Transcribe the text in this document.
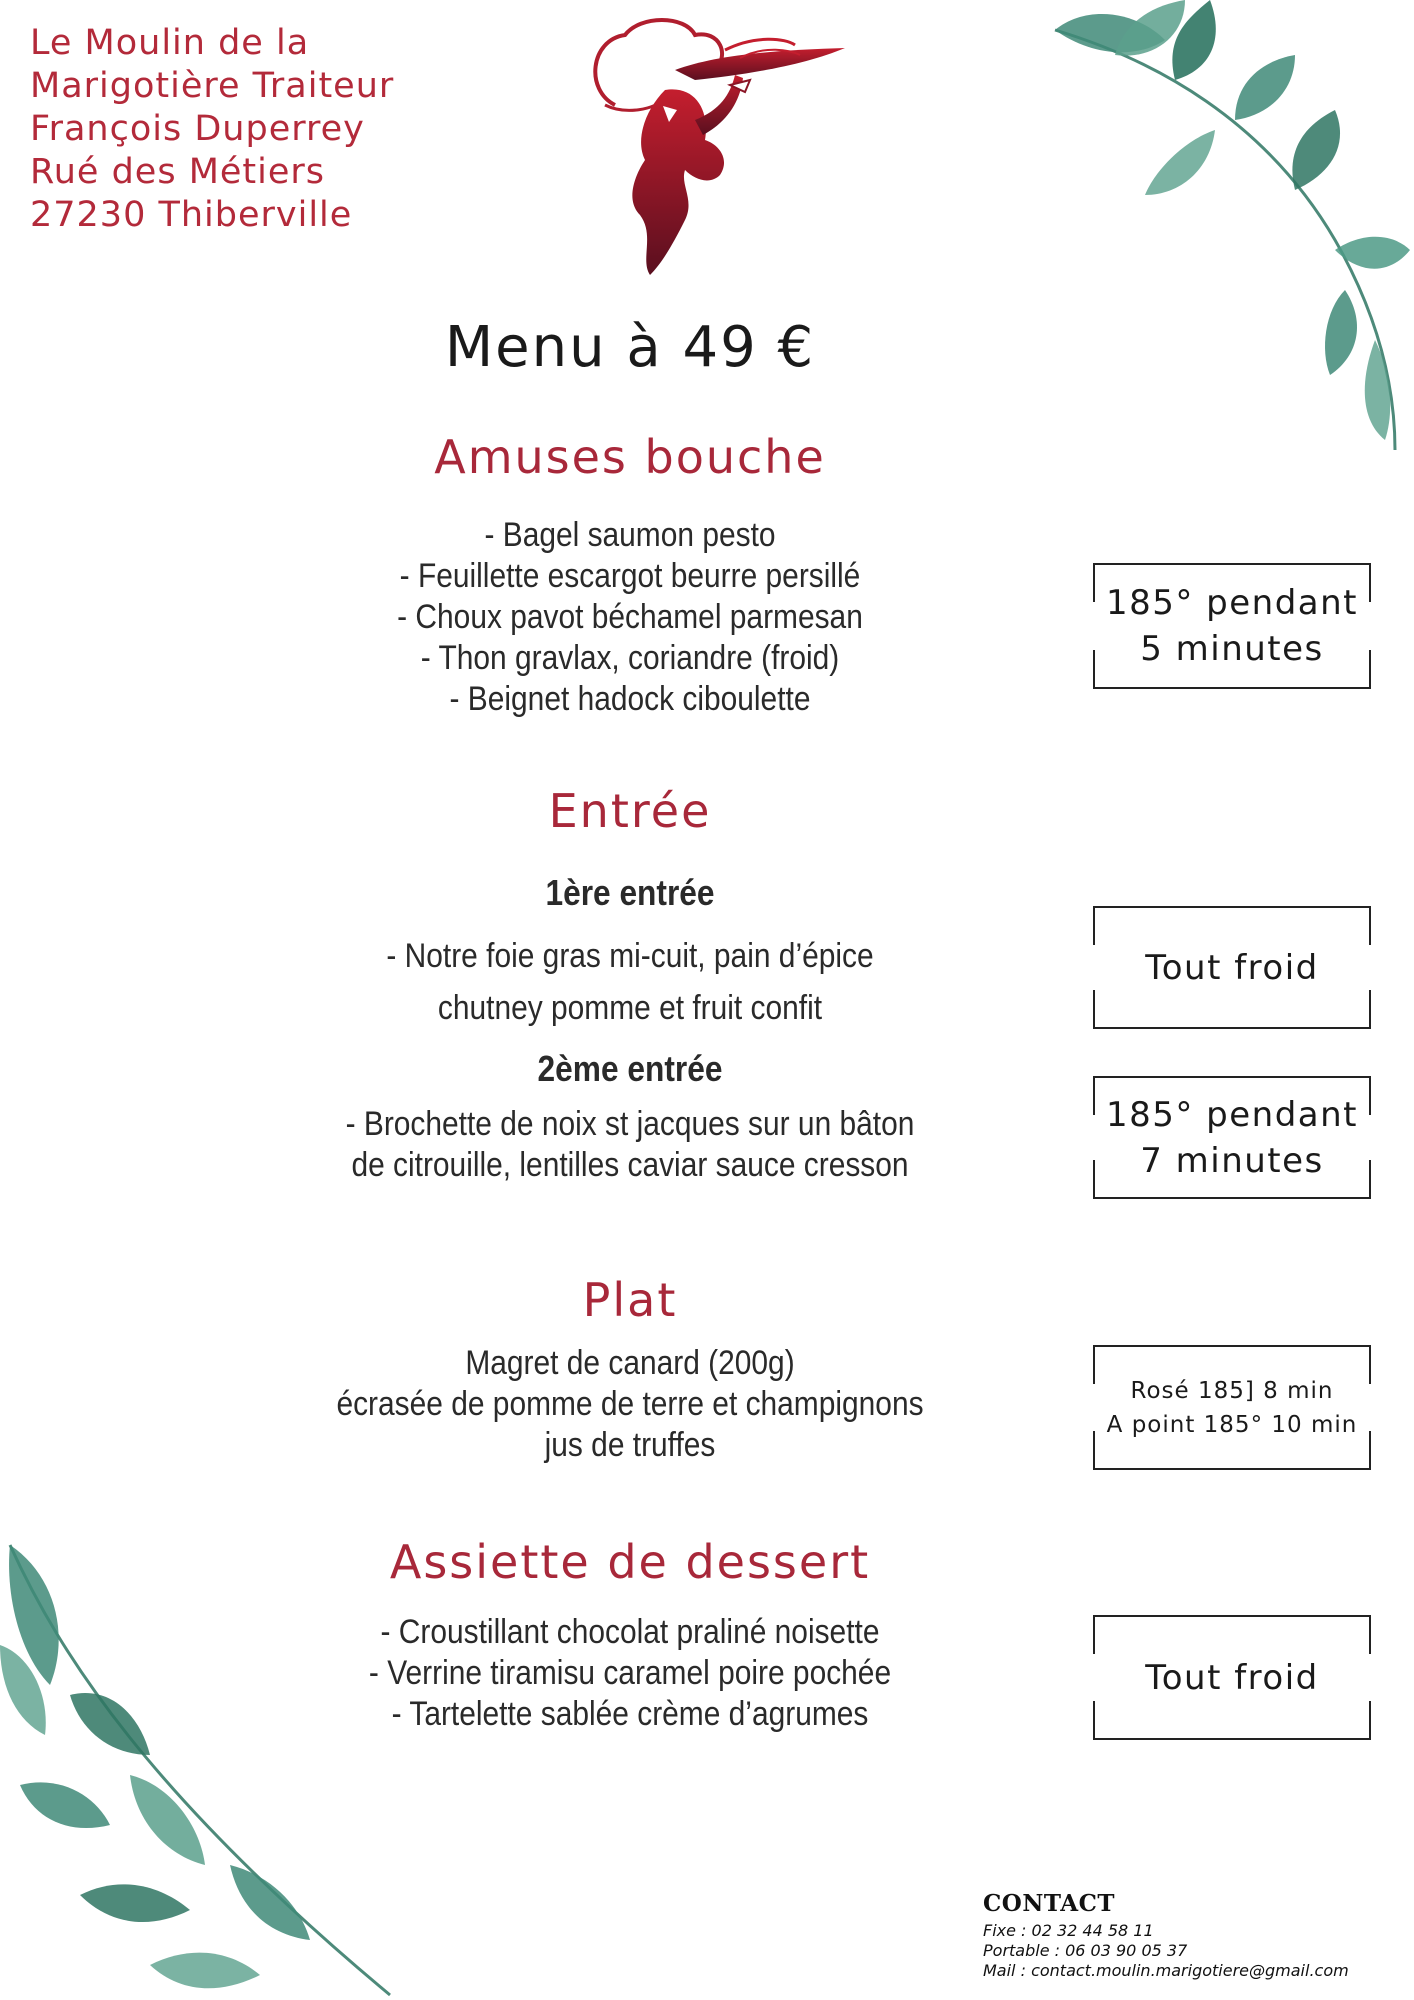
Le Moulin de la
Marigotière Traiteur
François Duperrey
Rué des Métiers
27230 Thiberville
Menu à 49 €
Amuses bouche
- Bagel saumon pesto
- Feuillette escargot beurre persillé
- Choux pavot béchamel parmesan
- Thon gravlax, coriandre (froid)
- Beignet hadock ciboulette
185° pendant
5 minutes
Entrée
1ère entrée
- Notre foie gras mi-cuit, pain d’épice
chutney pomme et fruit confit
Tout froid
2ème entrée
- Brochette de noix st jacques sur un bâton
de citrouille, lentilles caviar sauce cresson
185° pendant
7 minutes
Plat
Magret de canard (200g)
écrasée de pomme de terre et champignons
jus de truffes
Rosé 185] 8 min
A point 185° 10 min
Assiette de dessert
- Croustillant chocolat praliné noisette
- Verrine tiramisu caramel poire pochée
- Tartelette sablée crème d’agrumes
Tout froid
CONTACT
Fixe : 02 32 44 58 11
Portable : 06 03 90 05 37
Mail : contact.moulin.marigotiere@gmail.com
